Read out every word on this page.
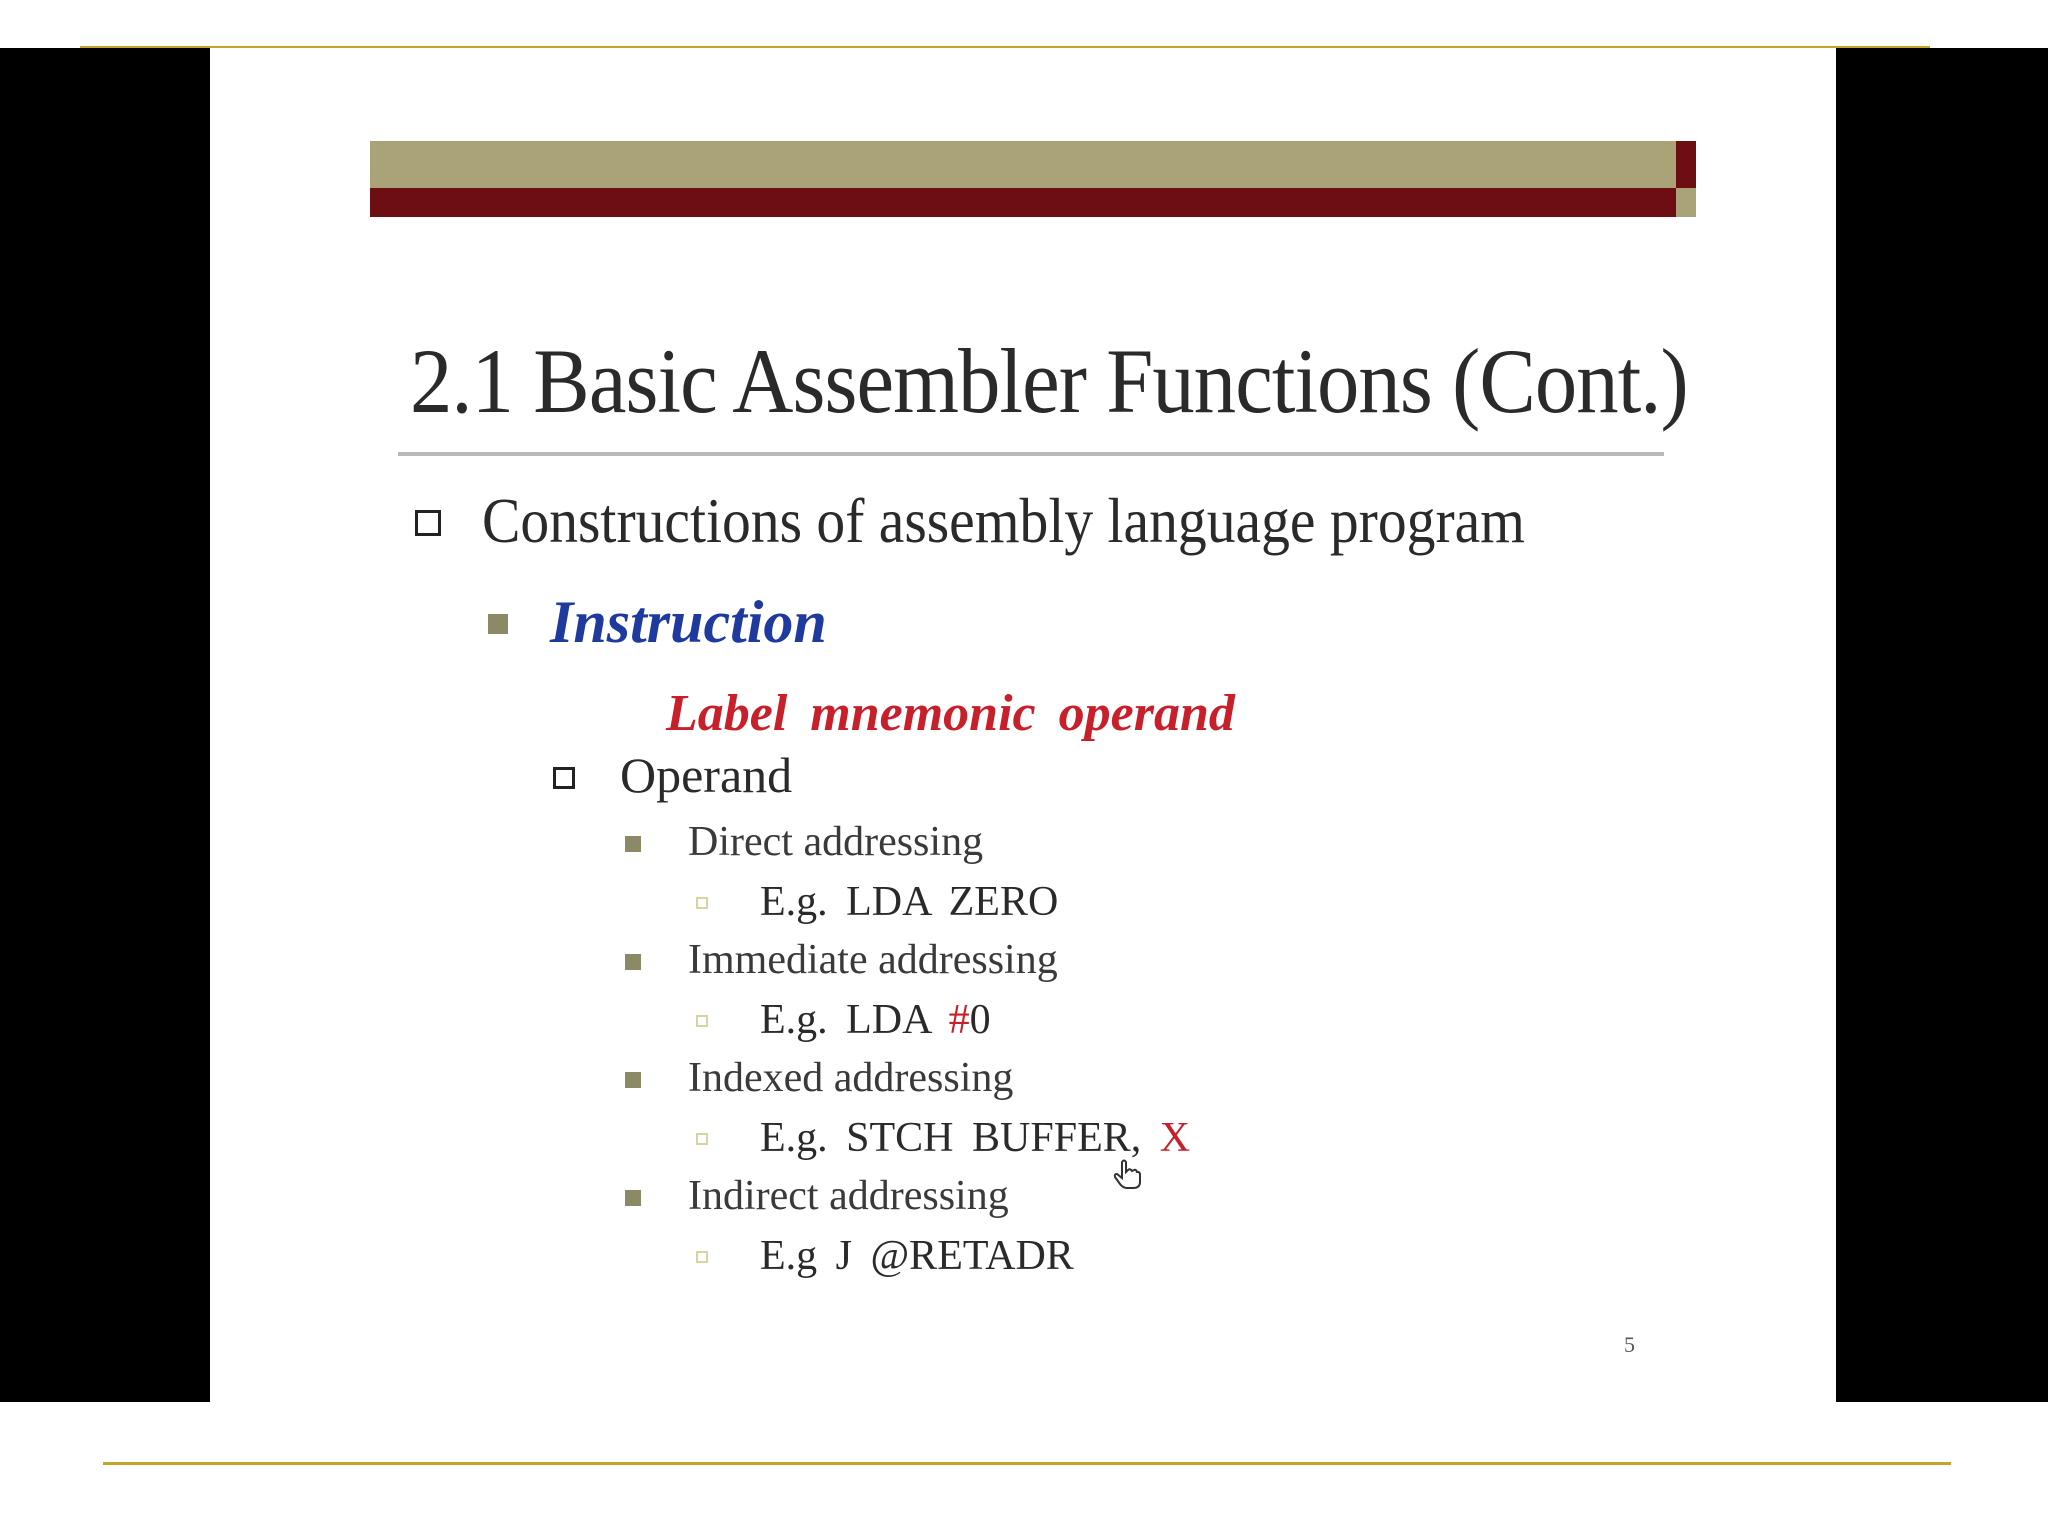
2.1 Basic Assembler Functions (Cont.)
Constructions of assembly language program
Instruction
Label mnemonic operand
Operand
Direct addressing
E.g. LDA ZERO
Immediate addressing
E.g. LDA #0
Indexed addressing
E.g. STCH BUFFER, X
Indirect addressing
E.g J @RETADR
5
